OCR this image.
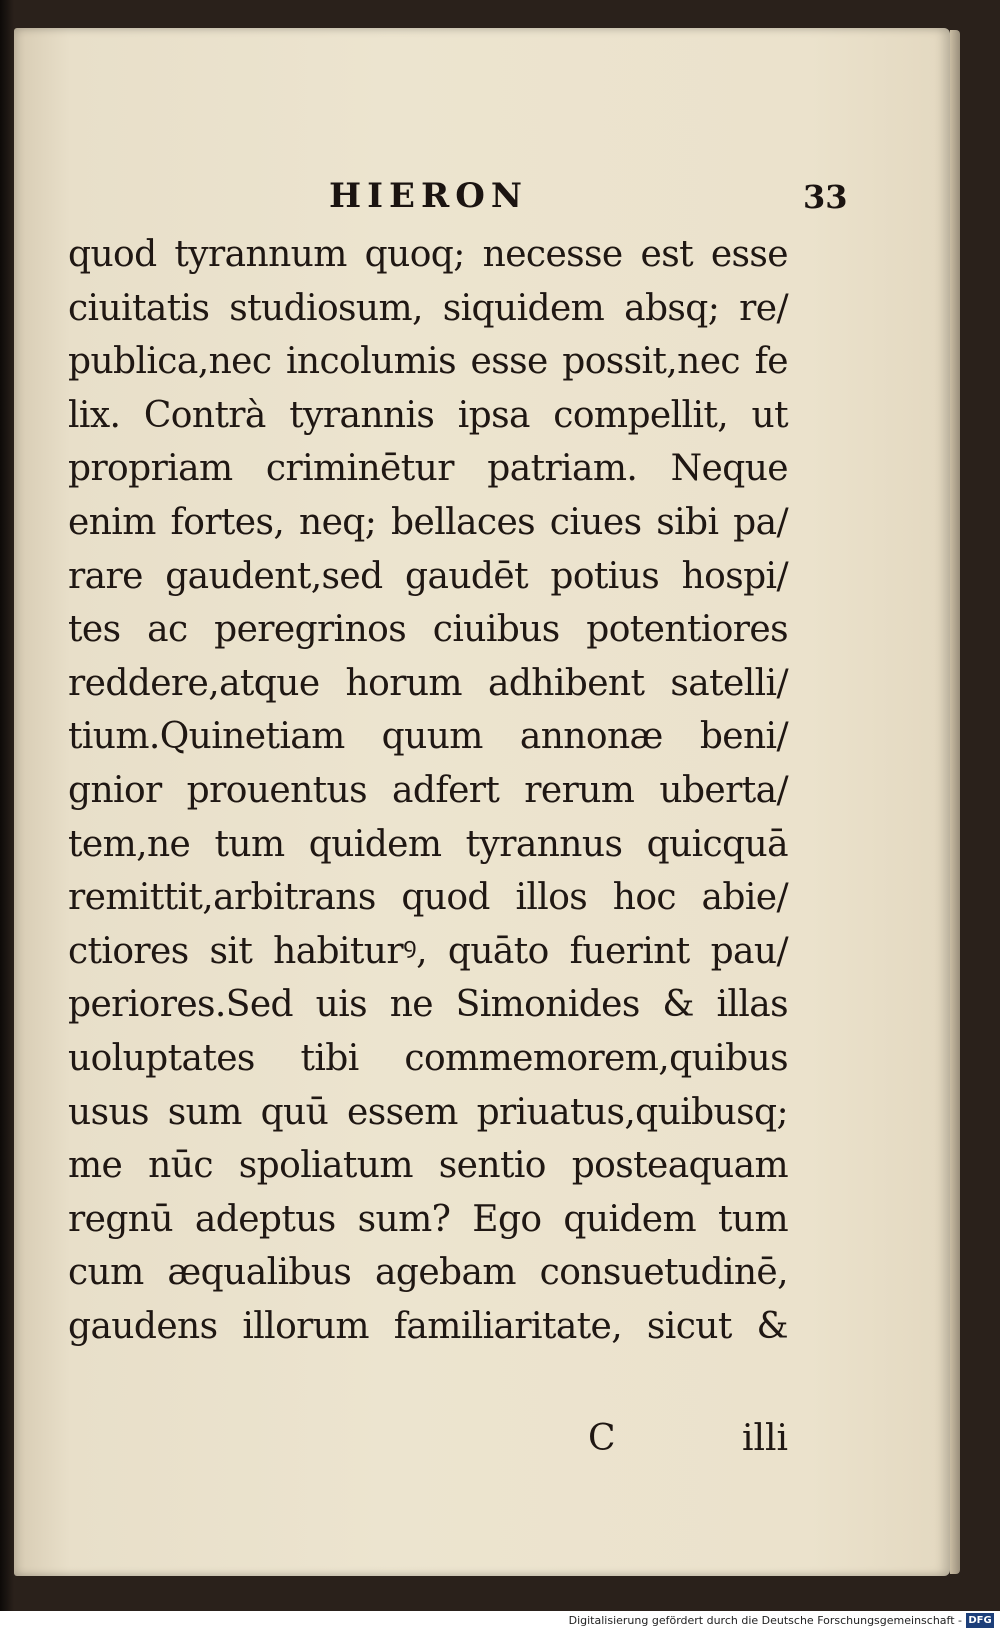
HIERON	33
quod tyrannum quoq; necesse est esse
ciuitatis studiosum, siquidem absq; re/
publica,nec incolumis esse possit,nec fe
lix. Contrà tyrannis ipsa compellit, ut
propriam criminētur patriam. Neque
enim fortes, neq; bellaces ciues sibi pa/
rare gaudent,sed gaudēt potius hospi/
tes ac peregrinos ciuibus potentiores
reddere,atque horum adhibent satelli/
tium.Quinetiam quum annonæ beni/
gnior prouentus adfert rerum uberta/
tem,ne tum quidem tyrannus quicquā
remittit,arbitrans quod illos hoc abie/
ctiores sit habiturꝰ, quāto fuerint pau/
periores.Sed uis ne Simonides & illas
uoluptates tibi commemorem,quibus
usus sum quū essem priuatus,quibusq;
me nūc spoliatum sentio posteaquam
regnū adeptus sum? Ego quidem tum
cum æqualibus agebam consuetudinē,
gaudens illorum familiaritate, sicut &
C	illi
Digitalisierung gefördert durch die Deutsche Forschungsgemeinschaft - DFG
